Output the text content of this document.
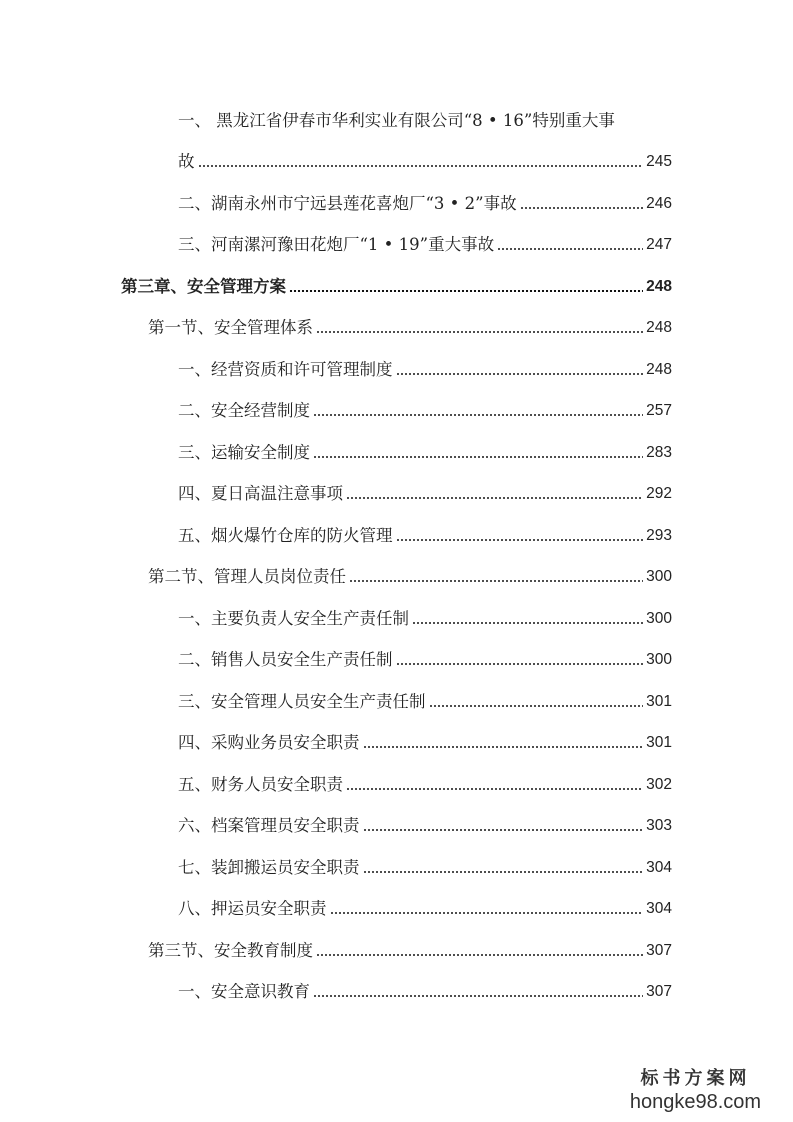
一、 黑龙江省伊春市华利实业有限公司“8 • 16”特别重大事
故	245
二、湖南永州市宁远县莲花喜炮厂“3 • 2”事故	246
三、河南漯河豫田花炮厂“1 • 19”重大事故	247
第三章、安全管理方案	248
第一节、安全管理体系	248
一、经营资质和许可管理制度	248
二、安全经营制度	257
三、运输安全制度	283
四、夏日高温注意事项	292
五、烟火爆竹仓库的防火管理	293
第二节、管理人员岗位责任	300
一、主要负责人安全生产责任制	300
二、销售人员安全生产责任制	300
三、安全管理人员安全生产责任制	301
四、采购业务员安全职责	301
五、财务人员安全职责	302
六、档案管理员安全职责	303
七、装卸搬运员安全职责	304
八、押运员安全职责	304
第三节、安全教育制度	307
一、安全意识教育	307
标书方案网
hongke98.com
